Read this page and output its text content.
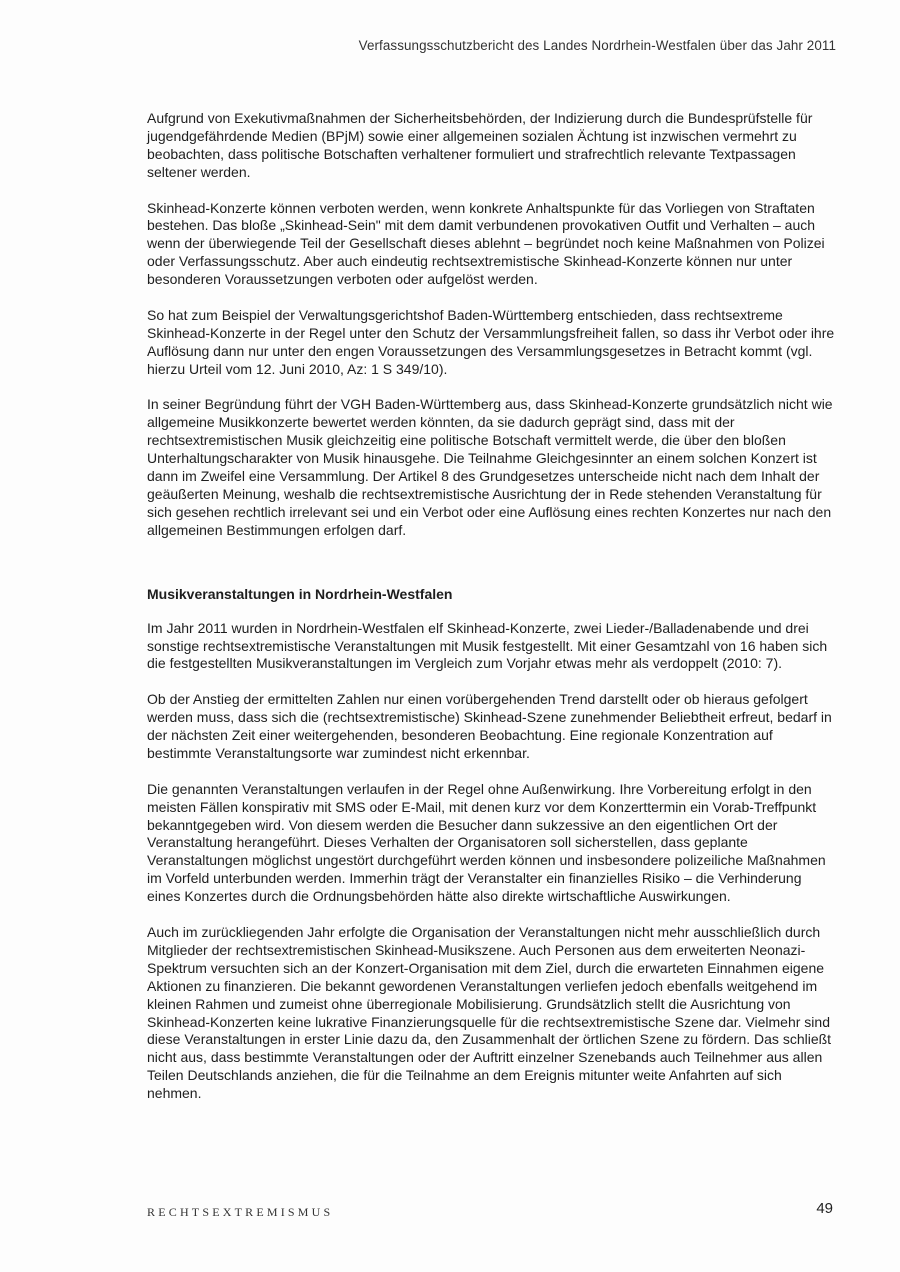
Verfassungsschutzbericht des Landes Nordrhein-Westfalen über das Jahr 2011

Aufgrund von Exekutivmaßnahmen der Sicherheitsbehörden, der Indizierung durch die Bundesprüfstelle für jugendgefährdende Medien (BPjM) sowie einer allgemeinen sozialen Ächtung ist inzwischen vermehrt zu beobachten, dass politische Botschaften verhaltener formuliert und strafrechtlich relevante Textpassagen seltener werden.

Skinhead-Konzerte können verboten werden, wenn konkrete Anhaltspunkte für das Vorliegen von Straftaten bestehen. Das bloße „Skinhead-Sein" mit dem damit verbundenen provokativen Outfit und Verhalten – auch wenn der überwiegende Teil der Gesellschaft dieses ablehnt – begründet noch keine Maßnahmen von Polizei oder Verfassungsschutz. Aber auch eindeutig rechtsextremistische Skinhead-Konzerte können nur unter besonderen Voraussetzungen verboten oder aufgelöst werden.

So hat zum Beispiel der Verwaltungsgerichtshof Baden-Württemberg entschieden, dass rechtsextreme Skinhead-Konzerte in der Regel unter den Schutz der Versammlungsfreiheit fallen, so dass ihr Verbot oder ihre Auflösung dann nur unter den engen Voraussetzungen des Versammlungsgesetzes in Betracht kommt (vgl. hierzu Urteil vom 12. Juni 2010, Az: 1 S 349/10).

In seiner Begründung führt der VGH Baden-Württemberg aus, dass Skinhead-Konzerte grundsätzlich nicht wie allgemeine Musikkonzerte bewertet werden könnten, da sie dadurch geprägt sind, dass mit der rechtsextremistischen Musik gleichzeitig eine politische Botschaft vermittelt werde, die über den bloßen Unterhaltungscharakter von Musik hinausgehe. Die Teilnahme Gleichgesinnter an einem solchen Konzert ist dann im Zweifel eine Versammlung. Der Artikel 8 des Grundgesetzes unterscheide nicht nach dem Inhalt der geäußerten Meinung, weshalb die rechtsextremistische Ausrichtung der in Rede stehenden Veranstaltung für sich gesehen rechtlich irrelevant sei und ein Verbot oder eine Auflösung eines rechten Konzertes nur nach den allgemeinen Bestimmungen erfolgen darf.

Musikveranstaltungen in Nordrhein-Westfalen

Im Jahr 2011 wurden in Nordrhein-Westfalen elf Skinhead-Konzerte, zwei Lieder-/Balladenabende und drei sonstige rechtsextremistische Veranstaltungen mit Musik festgestellt. Mit einer Gesamtzahl von 16 haben sich die festgestellten Musikveranstaltungen im Vergleich zum Vorjahr etwas mehr als verdoppelt (2010: 7).

Ob der Anstieg der ermittelten Zahlen nur einen vorübergehenden Trend darstellt oder ob hieraus gefolgert werden muss, dass sich die (rechtsextremistische) Skinhead-Szene zunehmender Beliebtheit erfreut, bedarf in der nächsten Zeit einer weitergehenden, besonderen Beobachtung. Eine regionale Konzentration auf bestimmte Veranstaltungsorte war zumindest nicht erkennbar.

Die genannten Veranstaltungen verlaufen in der Regel ohne Außenwirkung. Ihre Vorbereitung erfolgt in den meisten Fällen konspirativ mit SMS oder E-Mail, mit denen kurz vor dem Konzerttermin ein Vorab-Treffpunkt bekanntgegeben wird. Von diesem werden die Besucher dann sukzessive an den eigentlichen Ort der Veranstaltung herangeführt. Dieses Verhalten der Organisatoren soll sicherstellen, dass geplante Veranstaltungen möglichst ungestört durchgeführt werden können und insbesondere polizeiliche Maßnahmen im Vorfeld unterbunden werden. Immerhin trägt der Veranstalter ein finanzielles Risiko – die Verhinderung eines Konzertes durch die Ordnungsbehörden hätte also direkte wirtschaftliche Auswirkungen.

Auch im zurückliegenden Jahr erfolgte die Organisation der Veranstaltungen nicht mehr ausschließlich durch Mitglieder der rechtsextremistischen Skinhead-Musikszene. Auch Personen aus dem erweiterten Neonazi-Spektrum versuchten sich an der Konzert-Organisation mit dem Ziel, durch die erwarteten Einnahmen eigene Aktionen zu finanzieren. Die bekannt gewordenen Veranstaltungen verliefen jedoch ebenfalls weitgehend im kleinen Rahmen und zumeist ohne überregionale Mobilisierung. Grundsätzlich stellt die Ausrichtung von Skinhead-Konzerten keine lukrative Finanzierungsquelle für die rechtsextremistische Szene dar. Vielmehr sind diese Veranstaltungen in erster Linie dazu da, den Zusammenhalt der örtlichen Szene zu fördern. Das schließt nicht aus, dass bestimmte Veranstaltungen oder der Auftritt einzelner Szenebands auch Teilnehmer aus allen Teilen Deutschlands anziehen, die für die Teilnahme an dem Ereignis mitunter weite Anfahrten auf sich nehmen.

RECHTSEXTREMISMUS	49
